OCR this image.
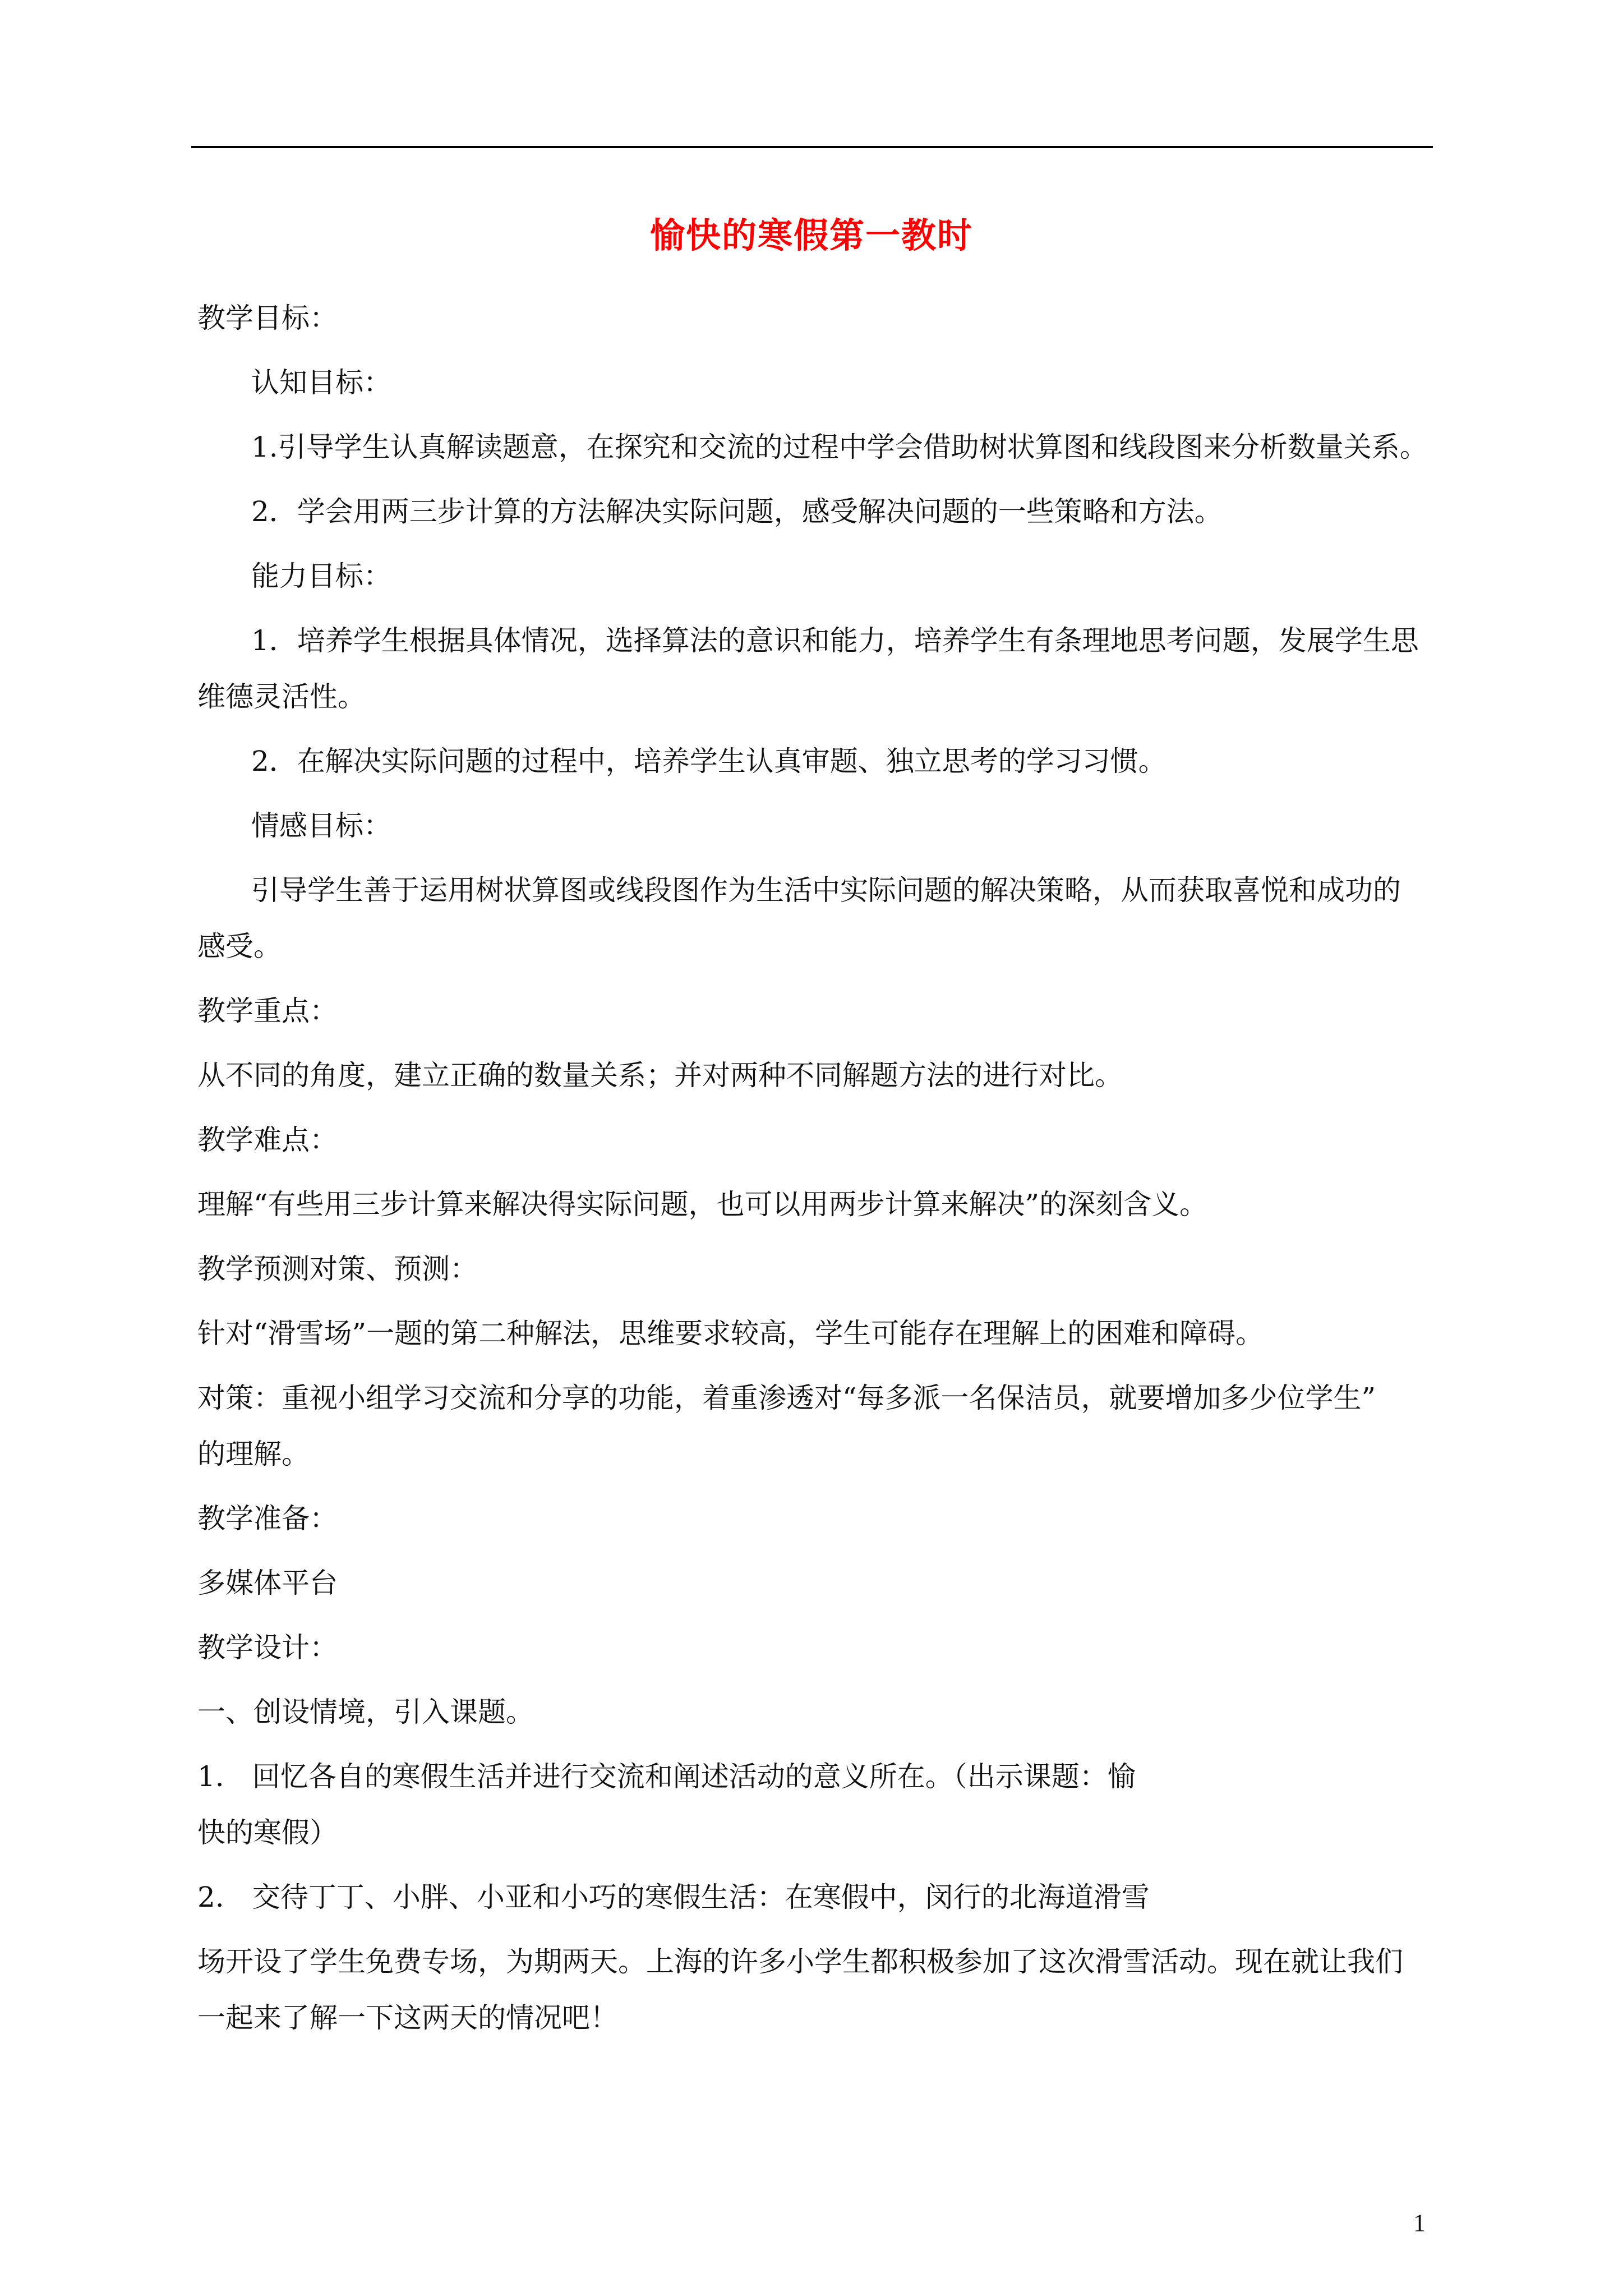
愉快的寒假第一教时
教学目标：
认知目标：
1.引导学生认真解读题意，在探究和交流的过程中学会借助树状算图和线段图来分析数量关系。
2．学会用两三步计算的方法解决实际问题，感受解决问题的一些策略和方法。
能力目标：
1．培养学生根据具体情况，选择算法的意识和能力，培养学生有条理地思考问题，发展学生思
维德灵活性。
2．在解决实际问题的过程中，培养学生认真审题、独立思考的学习习惯。
情感目标：
引导学生善于运用树状算图或线段图作为生活中实际问题的解决策略，从而获取喜悦和成功的
感受。
教学重点：
从不同的角度，建立正确的数量关系；并对两种不同解题方法的进行对比。
教学难点：
理解“有些用三步计算来解决得实际问题，也可以用两步计算来解决”的深刻含义。
教学预测对策、预测：
针对“滑雪场”一题的第二种解法，思维要求较高，学生可能存在理解上的困难和障碍。
对策：重视小组学习交流和分享的功能，着重渗透对“每多派一名保洁员，就要增加多少位学生”
的理解。
教学准备：
多媒体平台
教学设计：
一、创设情境，引入课题。
1.　回忆各自的寒假生活并进行交流和阐述活动的意义所在。（出示课题：愉
快的寒假）
2.　交待丁丁、小胖、小亚和小巧的寒假生活：在寒假中，闵行的北海道滑雪
场开设了学生免费专场，为期两天。上海的许多小学生都积极参加了这次滑雪活动。现在就让我们
一起来了解一下这两天的情况吧！
1
